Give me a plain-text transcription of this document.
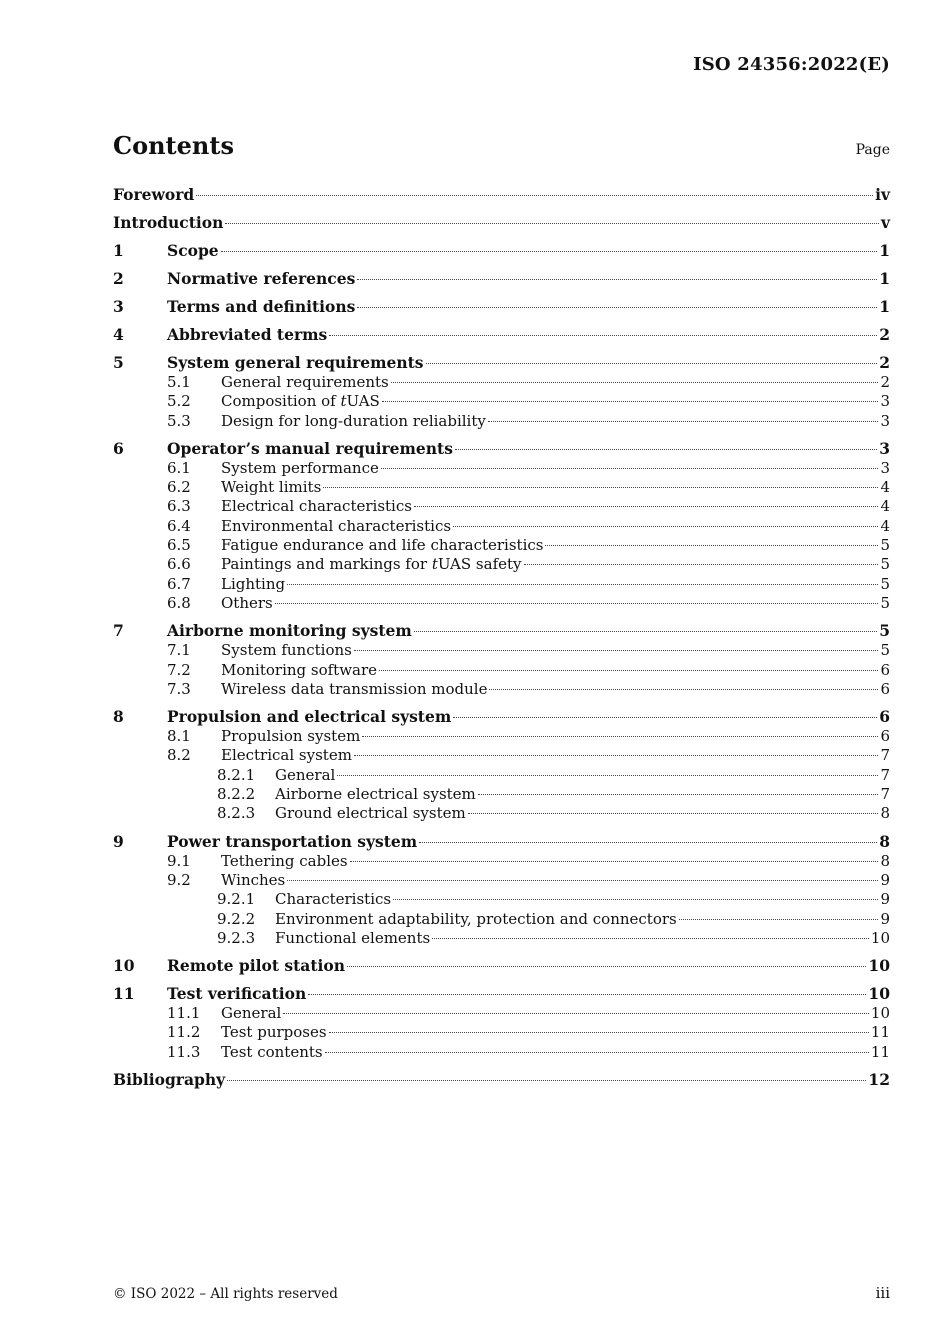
ISO 24356:2022(E)
Contents	Page
Foreword	iv
Introduction	v
1	Scope	1
2	Normative references	1
3	Terms and definitions	1
4	Abbreviated terms	2
5	System general requirements	2
5.1	General requirements	2
5.2	Composition of tUAS	3
5.3	Design for long-duration reliability	3
6	Operator’s manual requirements	3
6.1	System performance	3
6.2	Weight limits	4
6.3	Electrical characteristics	4
6.4	Environmental characteristics	4
6.5	Fatigue endurance and life characteristics	5
6.6	Paintings and markings for tUAS safety	5
6.7	Lighting	5
6.8	Others	5
7	Airborne monitoring system	5
7.1	System functions	5
7.2	Monitoring software	6
7.3	Wireless data transmission module	6
8	Propulsion and electrical system	6
8.1	Propulsion system	6
8.2	Electrical system	7
8.2.1	General	7
8.2.2	Airborne electrical system	7
8.2.3	Ground electrical system	8
9	Power transportation system	8
9.1	Tethering cables	8
9.2	Winches	9
9.2.1	Characteristics	9
9.2.2	Environment adaptability, protection and connectors	9
9.2.3	Functional elements	10
10	Remote pilot station	10
11	Test verification	10
11.1	General	10
11.2	Test purposes	11
11.3	Test contents	11
Bibliography	12
© ISO 2022 – All rights reserved	iii
